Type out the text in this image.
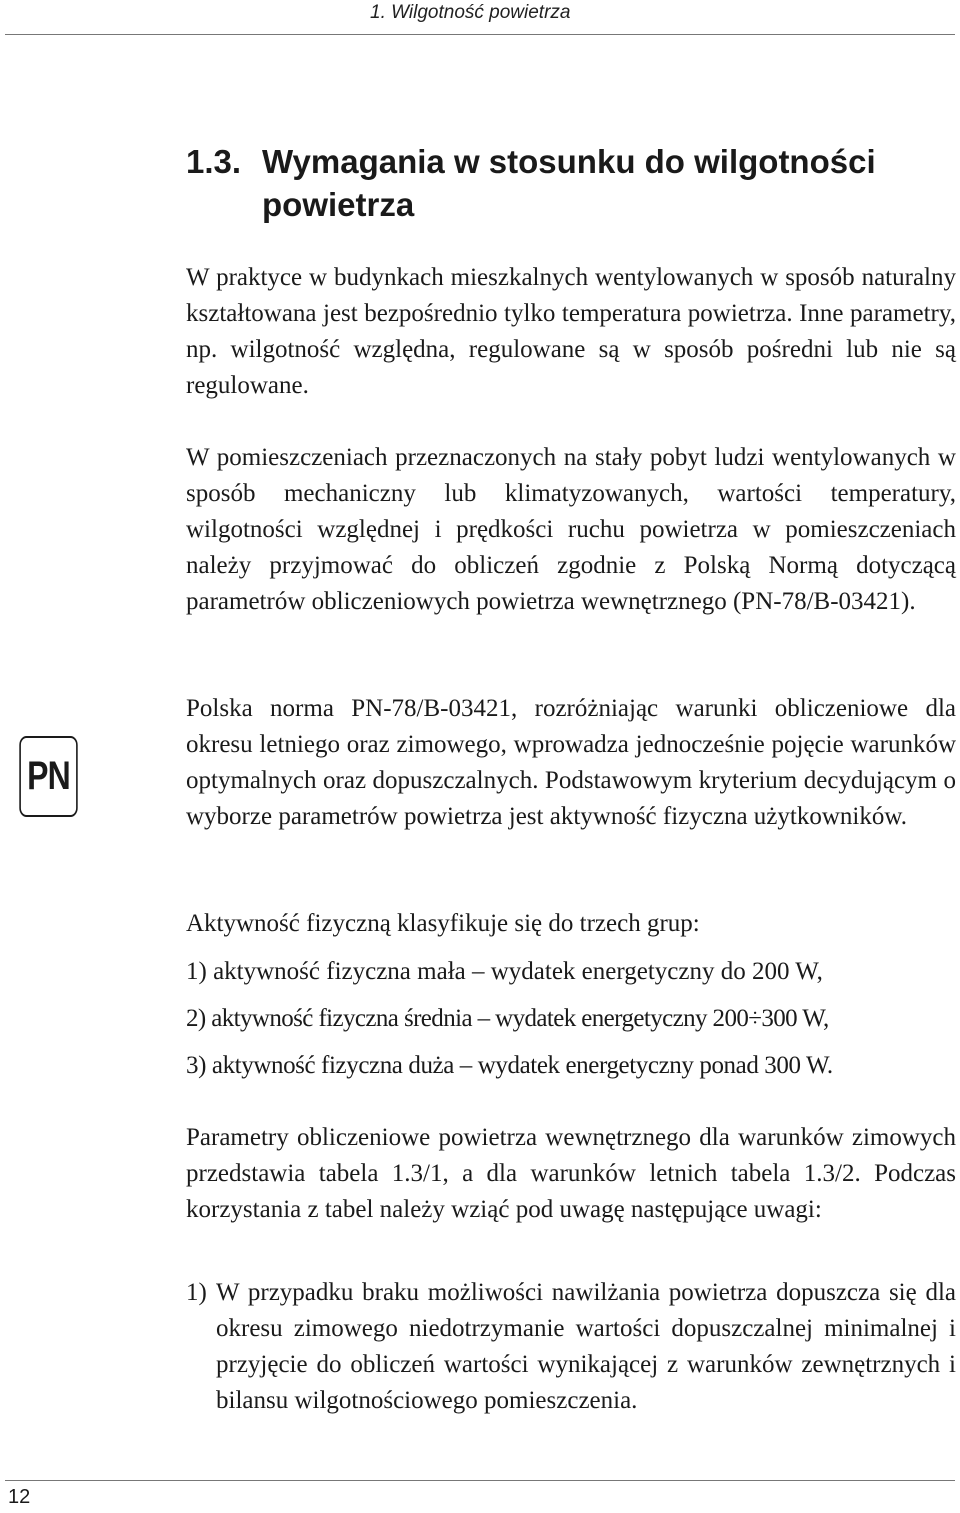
1. Wilgotność powietrza
1.3. Wymagania w stosunku do wilgotności powietrza

W praktyce w budynkach mieszkalnych wentylowanych w sposób naturalny kształtowana jest bezpośrednio tylko temperatura powietrza. Inne parametry, np. wilgotność względna, regulowane są w sposób pośredni lub nie są regulowane.

W pomieszczeniach przeznaczonych na stały pobyt ludzi wentylowanych w sposób mechaniczny lub klimatyzowanych, wartości temperatury, wilgotności względnej i prędkości ruchu powietrza w pomieszczeniach należy przyjmować do obliczeń zgodnie z Polską Normą dotyczącą parametrów obliczeniowych powietrza wewnętrznego (PN-78/B-03421).

PN

Polska norma PN-78/B-03421, rozróżniając warunki obliczeniowe dla okresu letniego oraz zimowego, wprowadza jednocześnie pojęcie warunków optymalnych oraz dopuszczalnych. Podstawowym kryterium decydującym o wyborze parametrów powietrza jest aktywność fizyczna użytkowników.

Aktywność fizyczną klasyfikuje się do trzech grup:

1) aktywność fizyczna mała – wydatek energetyczny do 200 W,

2) aktywność fizyczna średnia – wydatek energetyczny 200÷300 W,

3) aktywność fizyczna duża – wydatek energetyczny ponad 300 W.

Parametry obliczeniowe powietrza wewnętrznego dla warunków zimowych przedstawia tabela 1.3/1, a dla warunków letnich tabela 1.3/2. Podczas korzystania z tabel należy wziąć pod uwagę następujące uwagi:

1) W przypadku braku możliwości nawilżania powietrza dopuszcza się dla okresu zimowego niedotrzymanie wartości dopuszczalnej minimalnej i przyjęcie do obliczeń wartości wynikającej z warunków zewnętrznych i bilansu wilgotnościowego pomieszczenia.
12
